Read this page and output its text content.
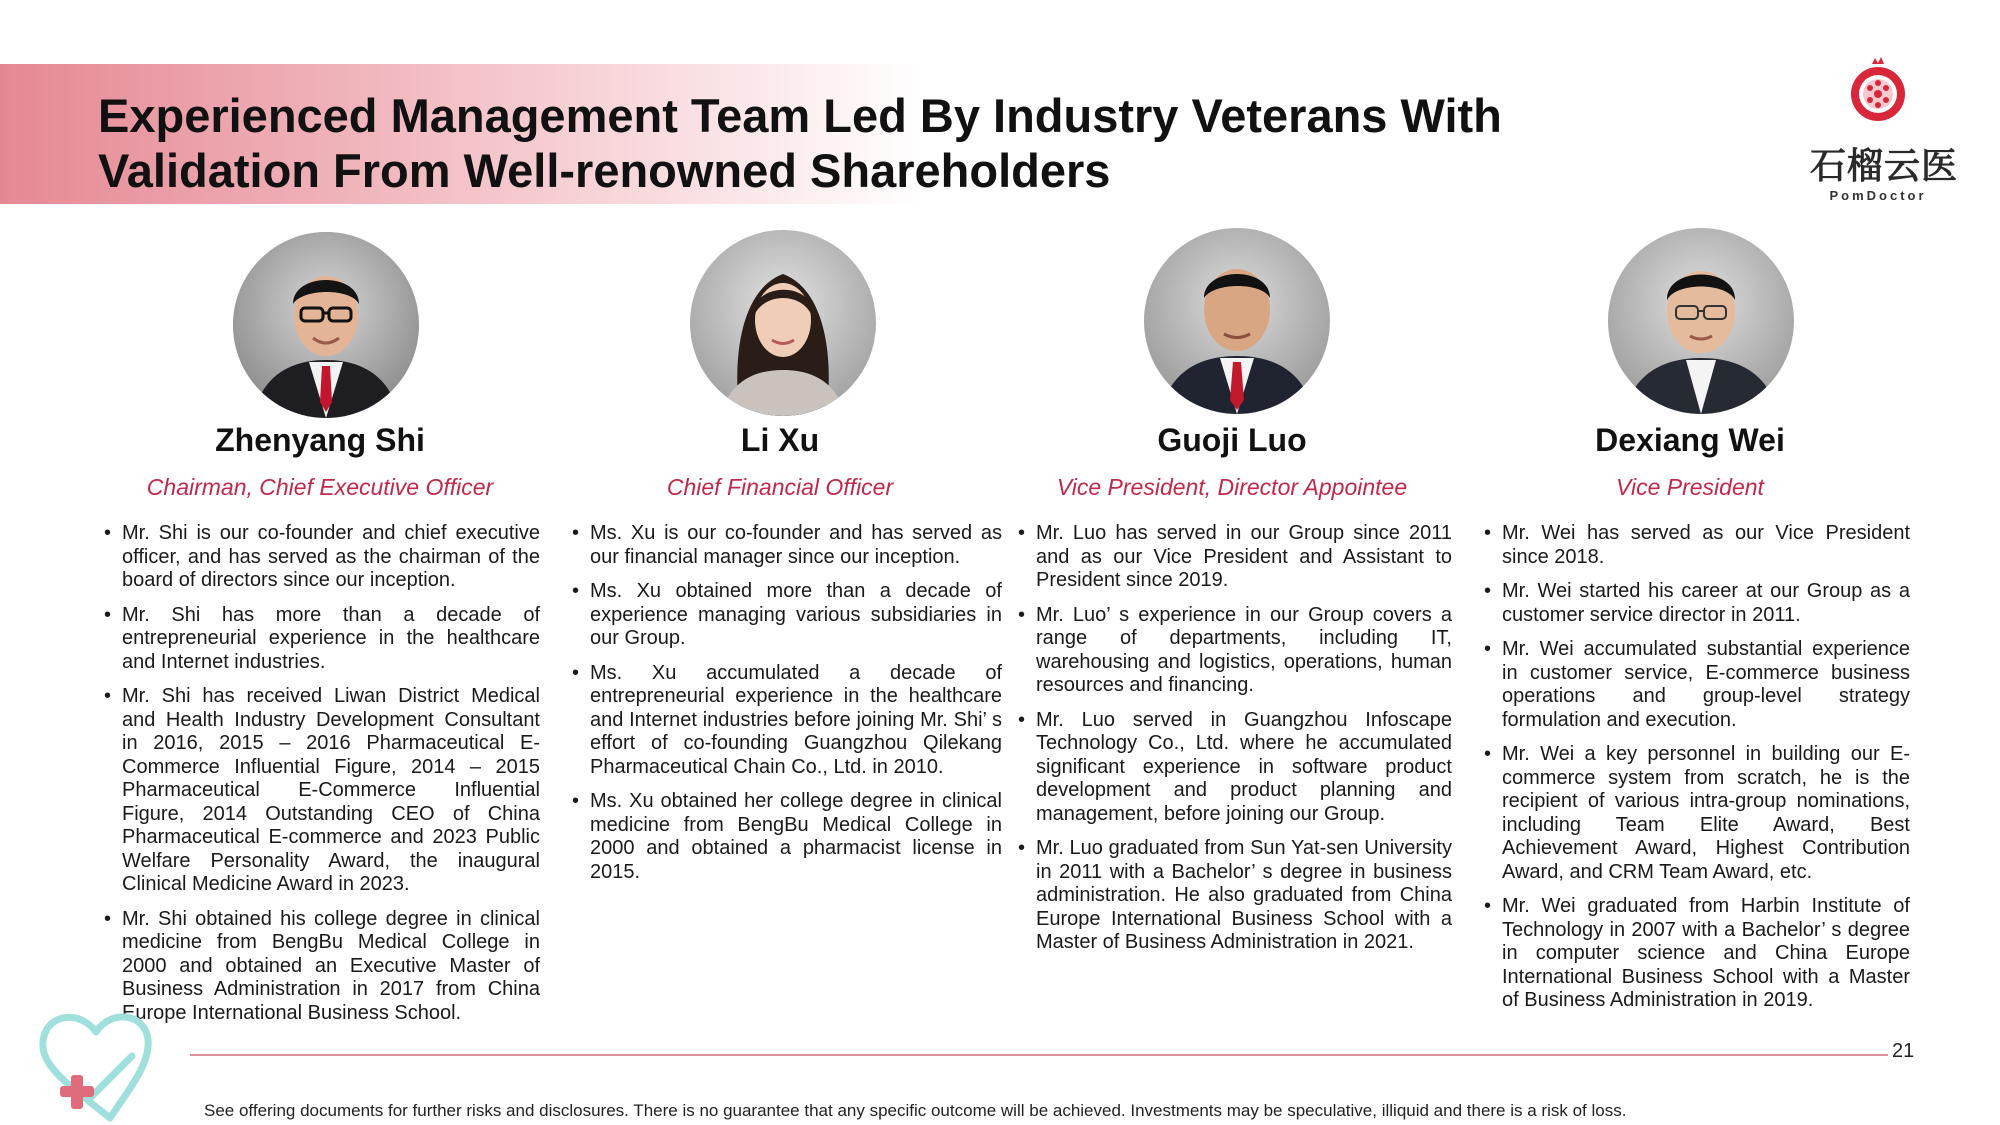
Experienced Management Team Led By Industry Veterans With Validation From Well-renowned Shareholders	石榴云医
PomDoctor
Zhenyang Shi
Chairman, Chief Executive Officer
• Mr. Shi is our co-founder and chief executive officer, and has served as the chairman of the board of directors since our inception.
• Mr. Shi has more than a decade of entrepreneurial experience in the healthcare and Internet industries.
• Mr. Shi has received Liwan District Medical and Health Industry Development Consultant in 2016, 2015 – 2016 Pharmaceutical E-Commerce Influential Figure, 2014 – 2015 Pharmaceutical E-Commerce Influential Figure, 2014 Outstanding CEO of China Pharmaceutical E-commerce and 2023 Public Welfare Personality Award, the inaugural Clinical Medicine Award in 2023.
• Mr. Shi obtained his college degree in clinical medicine from BengBu Medical College in 2000 and obtained an Executive Master of Business Administration in 2017 from China Europe International Business School.
Li Xu
Chief Financial Officer
• Ms. Xu is our co-founder and has served as our financial manager since our inception.
• Ms. Xu obtained more than a decade of experience managing various subsidiaries in our Group.
• Ms. Xu accumulated a decade of entrepreneurial experience in the healthcare and Internet industries before joining Mr. Shi’ s effort of co-founding Guangzhou Qilekang Pharmaceutical Chain Co., Ltd. in 2010.
• Ms. Xu obtained her college degree in clinical medicine from BengBu Medical College in 2000 and obtained a pharmacist license in 2015.
Guoji Luo
Vice President, Director Appointee
• Mr. Luo has served in our Group since 2011 and as our Vice President and Assistant to President since 2019.
• Mr. Luo’ s experience in our Group covers a range of departments, including IT, warehousing and logistics, operations, human resources and financing.
• Mr. Luo served in Guangzhou Infoscape Technology Co., Ltd. where he accumulated significant experience in software product development and product planning and management, before joining our Group.
• Mr. Luo graduated from Sun Yat-sen University in 2011 with a Bachelor’ s degree in business administration. He also graduated from China Europe International Business School with a Master of Business Administration in 2021.
Dexiang Wei
Vice President
• Mr. Wei has served as our Vice President since 2018.
• Mr. Wei started his career at our Group as a customer service director in 2011.
• Mr. Wei accumulated substantial experience in customer service, E-commerce business operations and group-level strategy formulation and execution.
• Mr. Wei a key personnel in building our E-commerce system from scratch, he is the recipient of various intra-group nominations, including Team Elite Award, Best Achievement Award, Highest Contribution Award, and CRM Team Award, etc.
• Mr. Wei graduated from Harbin Institute of Technology in 2007 with a Bachelor’ s degree in computer science and China Europe International Business School with a Master of Business Administration in 2019.
21
See offering documents for further risks and disclosures. There is no guarantee that any specific outcome will be achieved. Investments may be speculative, illiquid and there is a risk of loss.
